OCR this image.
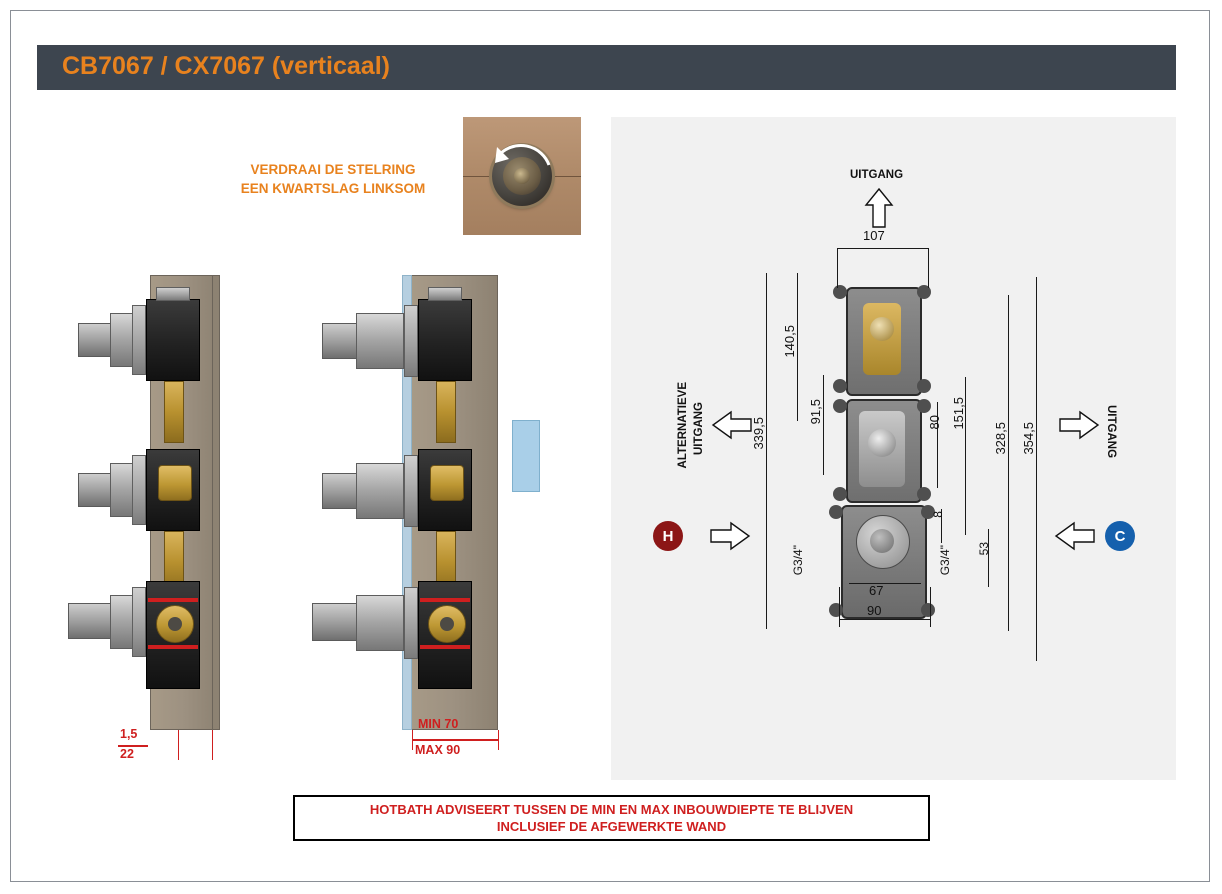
CB7067 / CX7067 (verticaal)
VERDRAAI DE STELRING
EEN KWARTSLAG LINKSOM
1,5
22
MIN 70
MAX 90
UITGANG
UITGANG
ALTERNATIEVE UITGANG
H	C
107
339,5
140,5
91,5	80 151,5
328,5 354,5
8
53
67
90
G3/4"	G3/4"
HOTBATH ADVISEERT TUSSEN DE MIN EN MAX INBOUWDIEPTE TE BLIJVEN
INCLUSIEF DE AFGEWERKTE WAND
